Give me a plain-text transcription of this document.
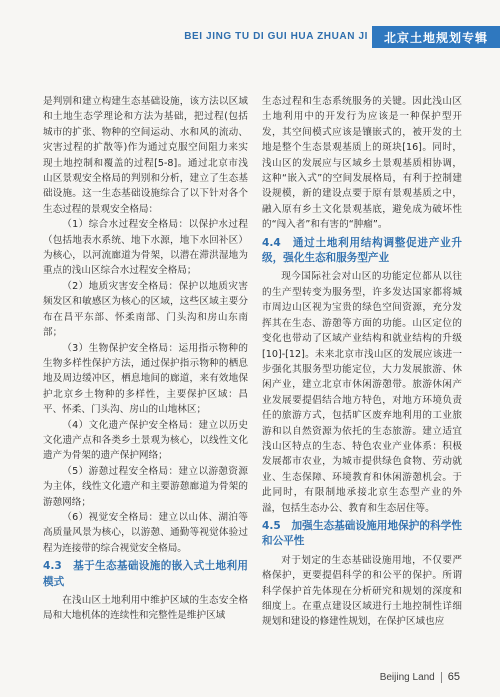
BEI JING TU DI GUI HUA ZHUAN JI	北京土地规划专辑

是判别和建立构建生态基础设施，该方法以区域和土地生态学理论和方法为基础，把过程(包括城市的扩张、物种的空间运动、水和风的流动、灾害过程的扩散等)作为通过克服空间阻力来实现土地控制和覆盖的过程[5-8]。通过北京市浅山区景观安全格局的判别和分析，建立了生态基础设施。这一生态基础设施综合了以下针对各个生态过程的景观安全格局：

（1）综合水过程安全格局：以保护水过程（包括地表水系统、地下水源，地下水回补区）为核心，以河流廊道为骨架，以潜在滞洪湿地为重点的浅山区综合水过程安全格局；

（2）地质灾害安全格局：保护以地质灾害频发区和敏感区为核心的区域，这些区域主要分布在昌平东部、怀柔南部、门头沟和房山东南部；

（3）生物保护安全格局：运用指示物种的生物多样性保护方法，通过保护指示物种的栖息地及周边缓冲区，栖息地间的廊道，来有效地保护北京乡土物种的多样性，主要保护区域：昌平、怀柔、门头沟、房山的山地林区；

（4）文化遗产保护安全格局：建立以历史文化遗产点和各类乡土景观为核心，以线性文化遗产为骨架的遗产保护网络；

（5）游憩过程安全格局：建立以游憩资源为主体，线性文化遗产和主要游憩廊道为骨架的游憩网络；

（6）视觉安全格局：建立以山体、湖泊等高质量风景为核心，以游憩、通勤等视觉体验过程为连接带的综合视觉安全格局。

4.3　基于生态基础设施的嵌入式土地利用模式

在浅山区土地利用中维护区域的生态安全格局和大地机体的连续性和完整性是维护区域

生态过程和生态系统服务的关键。因此浅山区土地利用中的开发行为应该是一种保护型开发，其空间模式应该是镶嵌式的，被开发的土地是整个生态景观基质上的斑块[16]。同时，浅山区的发展应与区域乡土景观基质相协调，这种“嵌入式”的空间发展格局，有利于控制建设规模，新的建设点要于原有景观基质之中，融入原有乡土文化景观基底，避免成为破坏性的“闯入者”和有害的“肿瘤”。

4.4　通过土地利用结构调整促进产业升级，强化生态和服务型产业

现今国际社会对山区的功能定位都从以往的生产型转变为服务型，许多发达国家都将城市周边山区视为宝贵的绿色空间资源，充分发挥其在生态、游憩等方面的功能。山区定位的变化也带动了区域产业结构和就业结构的升级[10]-[12]。未来北京市浅山区的发展应该进一步强化其服务型功能定位，大力发展旅游、休闲产业，建立北京市休闲游憩带。旅游休闲产业发展要提倡结合地方特色，对地方环境负责任的旅游方式，包括旷区废弃地利用的工业旅游和以自然资源为依托的生态旅游。建立适宜浅山区特点的生态、特色农业产业体系：积极发展都市农业，为城市提供绿色食物、劳动就业、生态保障、环境教育和休闲游憩机会。于此同时，有限制地承接北京生态型产业的外溢，包括生态办公、教育和生态居住等。

4.5　加强生态基础设施用地保护的科学性和公平性

对于划定的生态基础设施用地，不仅要严格保护，更要提倡科学的和公平的保护。所谓科学保护首先体现在分析研究和规划的深度和细度上。在重点建设区域进行土地控制性详细规划和建设的修建性规划，在保护区域也应

Beijing Land 65
